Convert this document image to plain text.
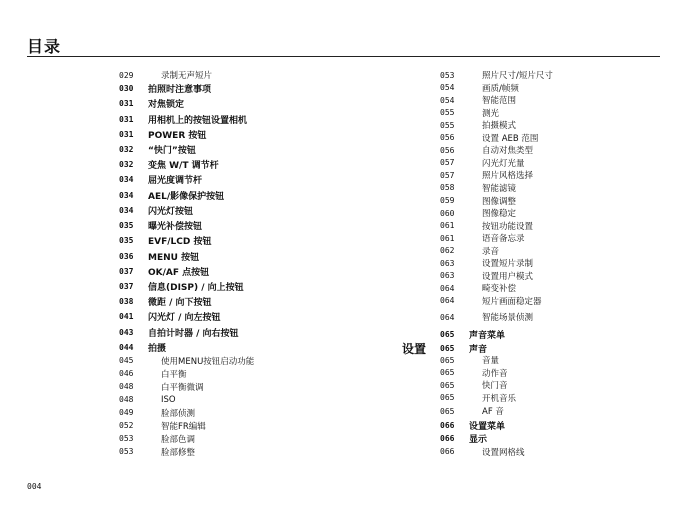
目录
029	录制无声短片
030	拍照时注意事项
031	对焦锁定
031	用相机上的按钮设置相机
031	POWER 按钮
032	“快门”按钮
032	变焦 W/T 调节杆
034	屈光度调节杆
034	AEL/影像保护按钮
034	闪光灯按钮
035	曝光补偿按钮
035	EVF/LCD 按钮
036	MENU 按钮
037	OK/AF 点按钮
037	信息(DISP) / 向上按钮
038	微距 / 向下按钮
041	闪光灯 / 向左按钮
043	自拍计时器 / 向右按钮
044	拍摄
045	使用MENU按钮启动功能
046	白平衡
048	白平衡微调
048	ISO
049	脸部侦测
052	智能FR编辑
053	脸部色调
053	脸部修整
053	照片尺寸/短片尺寸
054	画质/帧频
054	智能范围
055	测光
055	拍摄模式
056	设置 AEB 范围
056	自动对焦类型
057	闪光灯光量
057	照片风格选择
058	智能滤镜
059	图像调整
060	图像稳定
061	按钮功能设置
061	语音备忘录
062	录音
063	设置短片录制
063	设置用户模式
064	畸变补偿
064	短片画面稳定器
064	智能场景侦测
065	声音菜单
065	声音
065	音量
065	动作音
065	快门音
065	开机音乐
065	AF 音
066	设置菜单
066	显示
066	设置网格线
设置
004
